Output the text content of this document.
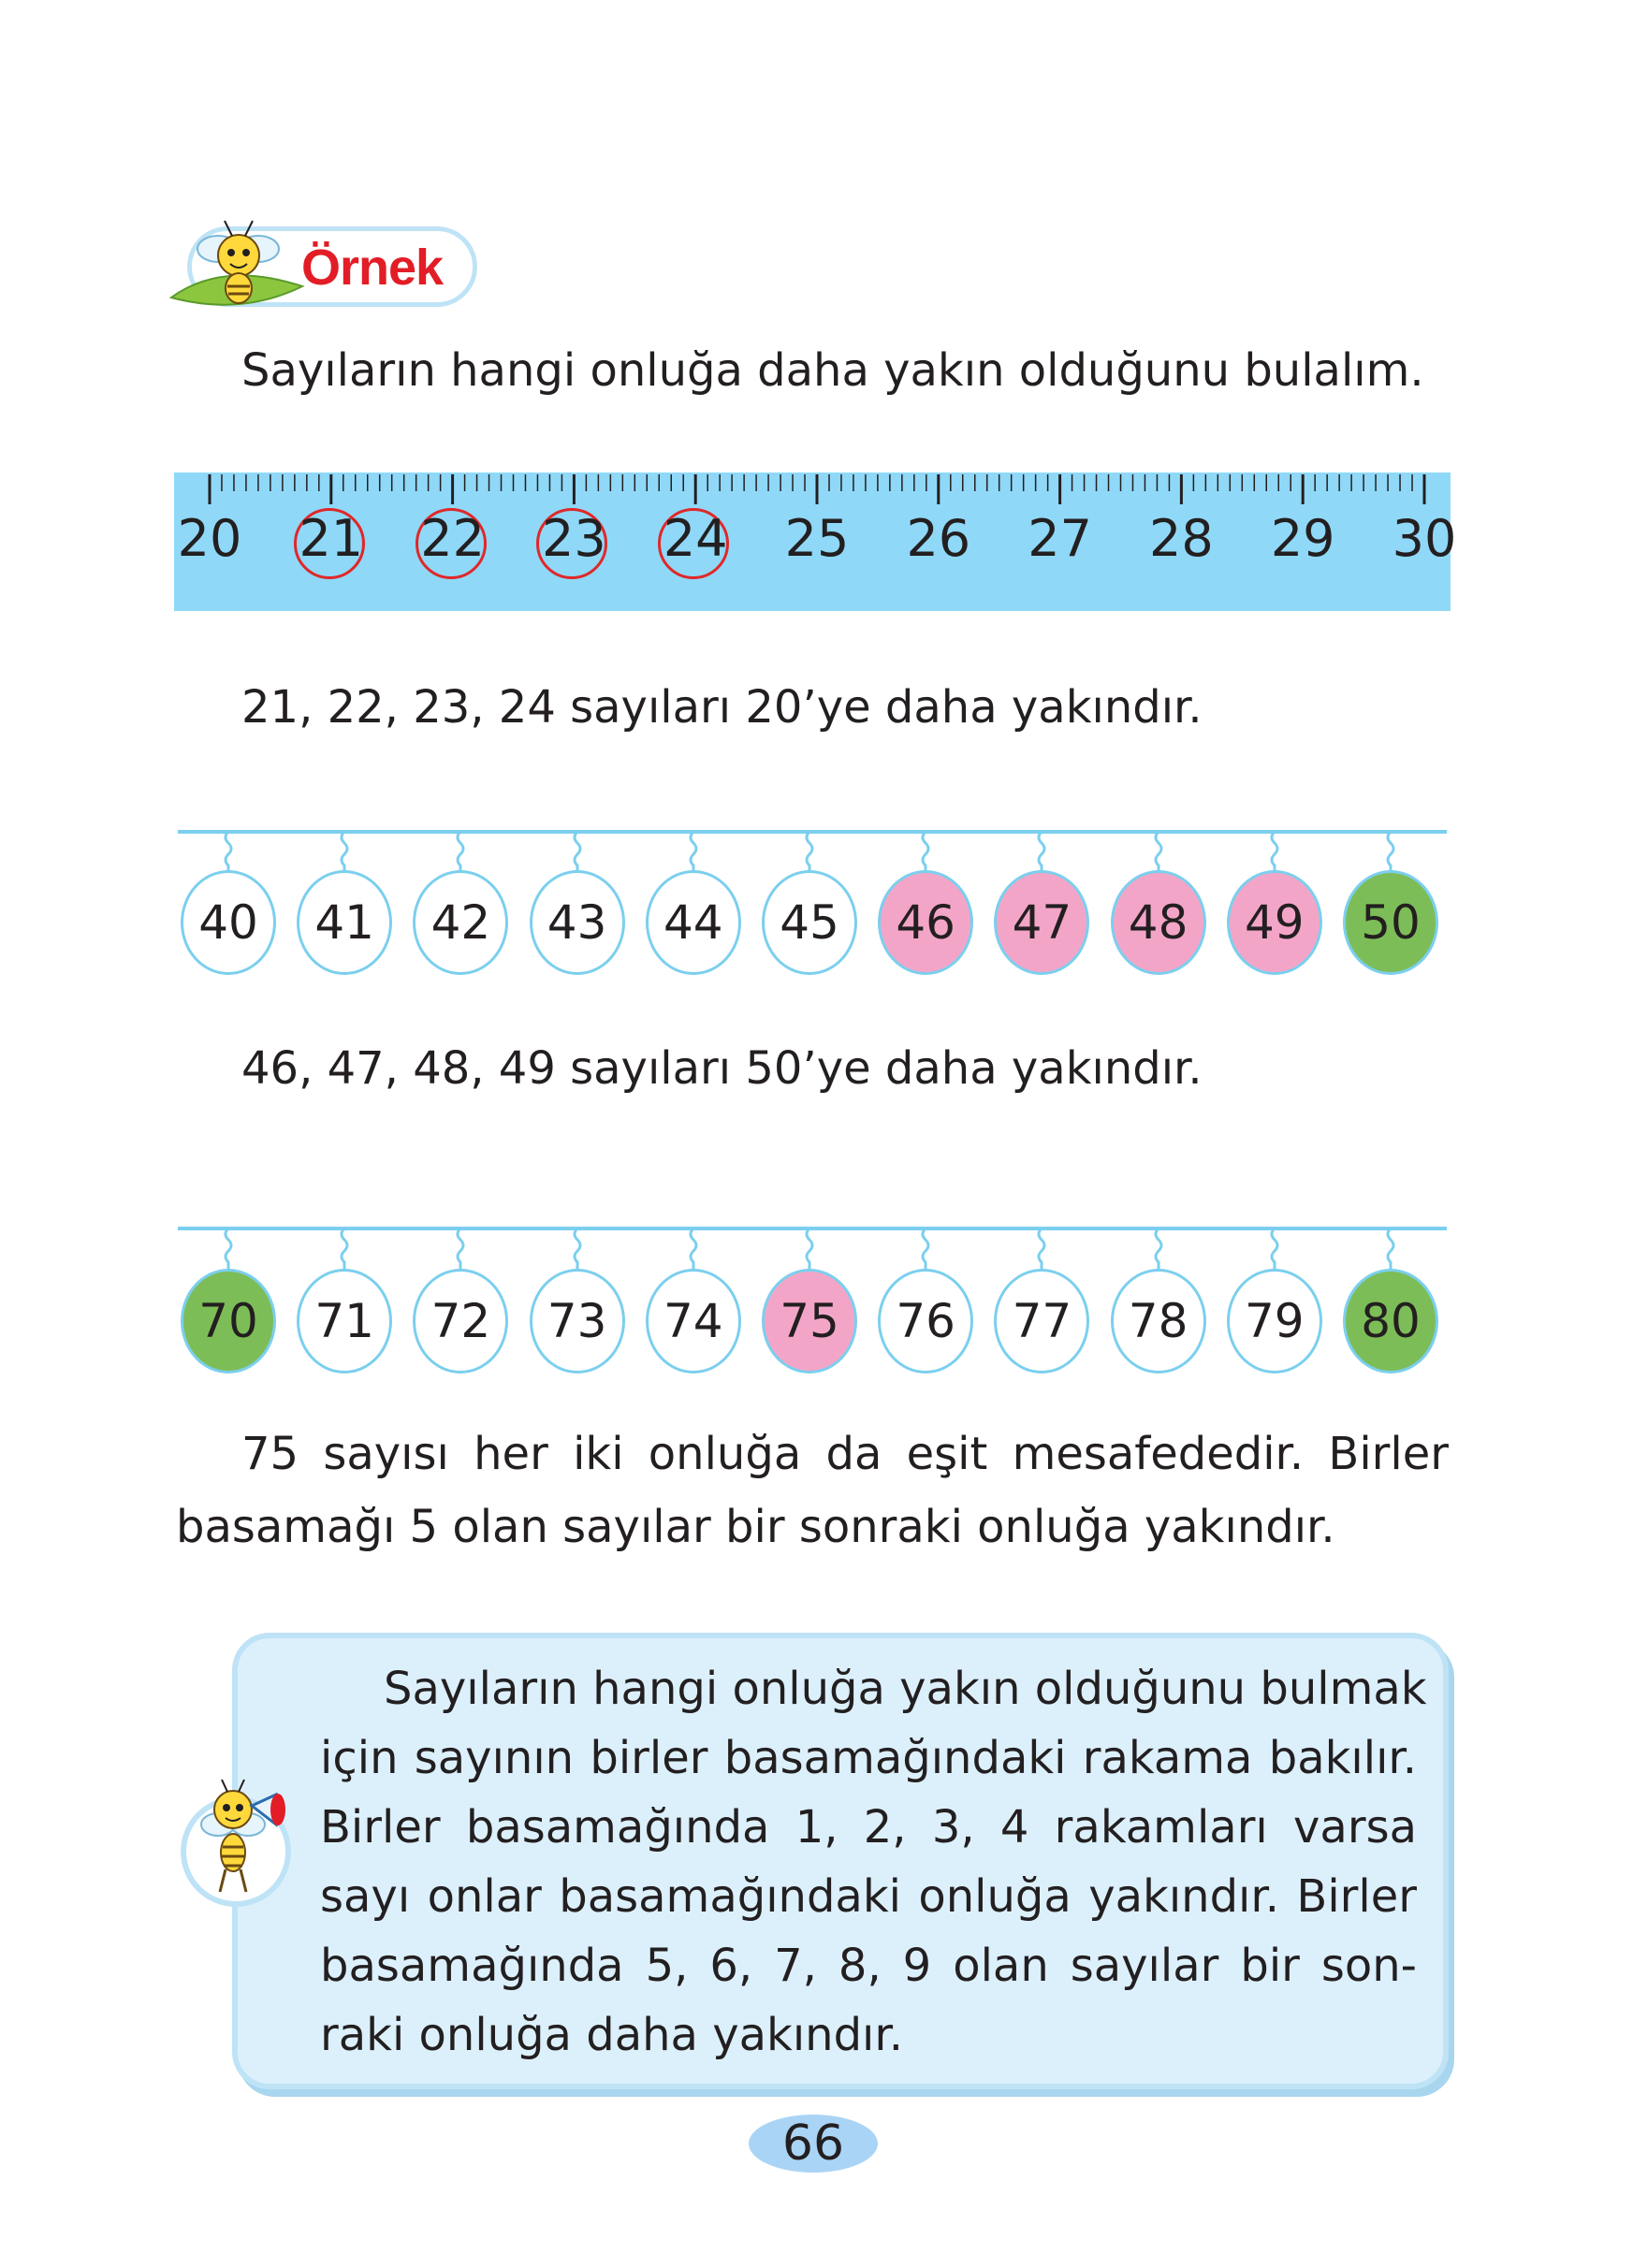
Örnek
Sayıların hangi onluğa daha yakın olduğunu bulalım.
20 21 22 23 24 25 26 27 28 29 30
21, 22, 23, 24 sayıları 20’ye daha yakındır.
40	41	42	43	44	45	46	47	48	49	50
46, 47, 48, 49 sayıları 50’ye daha yakındır.
70	71	72	73	74	75	76	77	78	79	80
75 sayısı her iki onluğa da eşit mesafededir. Birler
basamağı 5 olan sayılar bir sonraki onluğa yakındır.
Sayıların hangi onluğa yakın olduğunu bulmak
için sayının birler basamağındaki rakama bakılır.
Birler basamağında 1, 2, 3, 4 rakamları varsa
sayı onlar basamağındaki onluğa yakındır. Birler
basamağında 5, 6, 7, 8, 9 olan sayılar bir son-
raki onluğa daha yakındır.
66
